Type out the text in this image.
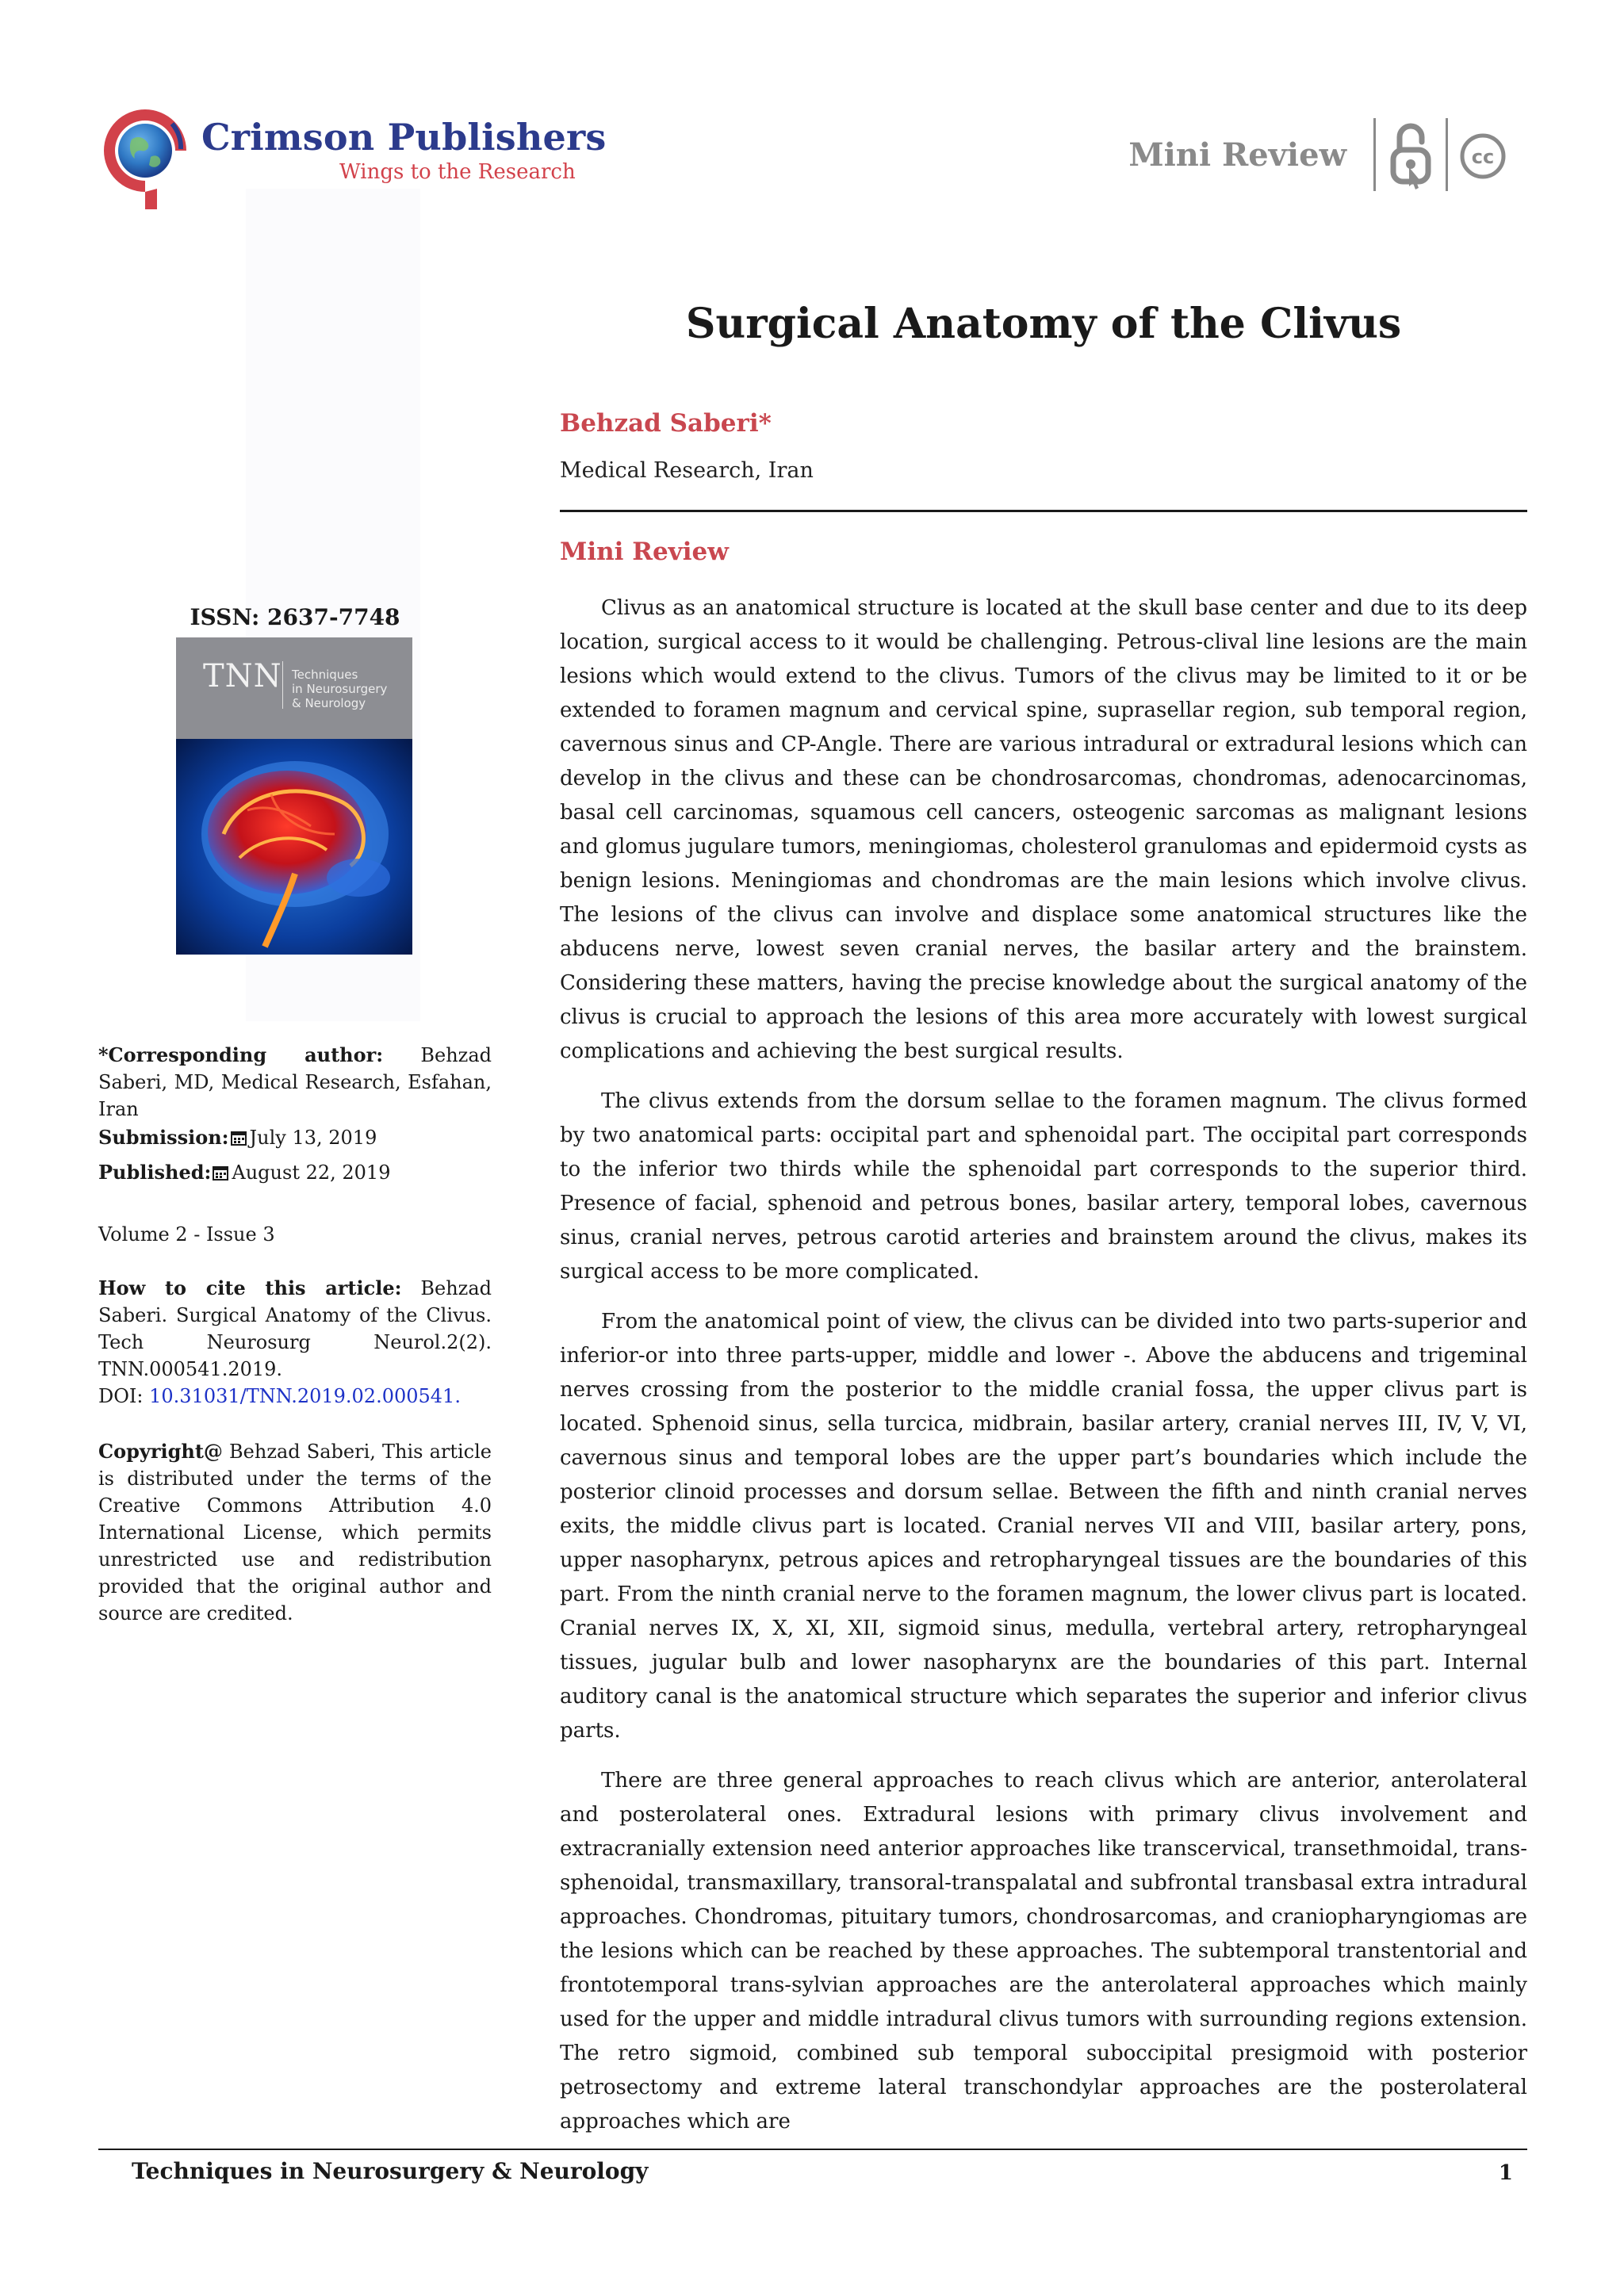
Crimson Publishers
Wings to the Research	Mini Review	cc
Surgical Anatomy of the Clivus
Behzad Saberi*
Medical Research, Iran
Mini Review

Clivus as an anatomical structure is located at the skull base center and due to its deep location, surgical access to it would be challenging. Petrous-clival line lesions are the main lesions which would extend to the clivus. Tumors of the clivus may be limited to it or be extended to foramen magnum and cervical spine, suprasellar region, sub temporal region, cavernous sinus and CP-Angle. There are various intradural or extradural lesions which can develop in the clivus and these can be chondrosarcomas, chondromas, adenocarcinomas, basal cell carcinomas, squamous cell cancers, osteogenic sarcomas as malignant lesions and glomus jugulare tumors, meningiomas, cholesterol granulomas and epidermoid cysts as benign lesions. Meningiomas and chondromas are the main lesions which involve clivus. The lesions of the clivus can involve and displace some anatomical structures like the abducens nerve, lowest seven cranial nerves, the basilar artery and the brainstem. Considering these matters, having the precise knowledge about the surgical anatomy of the clivus is crucial to approach the lesions of this area more accurately with lowest surgical complications and achieving the best surgical results.

The clivus extends from the dorsum sellae to the foramen magnum. The clivus formed by two anatomical parts: occipital part and sphenoidal part. The occipital part corresponds to the inferior two thirds while the sphenoidal part corresponds to the superior third. Presence of facial, sphenoid and petrous bones, basilar artery, temporal lobes, cavernous sinus, cranial nerves, petrous carotid arteries and brainstem around the clivus, makes its surgical access to be more complicated.

From the anatomical point of view, the clivus can be divided into two parts-superior and inferior-or into three parts-upper, middle and lower -. Above the abducens and trigeminal nerves crossing from the posterior to the middle cranial fossa, the upper clivus part is located. Sphenoid sinus, sella turcica, midbrain, basilar artery, cranial nerves III, IV, V, VI, cavernous sinus and temporal lobes are the upper part’s boundaries which include the posterior clinoid processes and dorsum sellae. Between the fifth and ninth cranial nerves exits, the middle clivus part is located. Cranial nerves VII and VIII, basilar artery, pons, upper nasopharynx, petrous apices and retropharyngeal tissues are the boundaries of this part. From the ninth cranial nerve to the foramen magnum, the lower clivus part is located. Cranial nerves IX, X, XI, XII, sigmoid sinus, medulla, vertebral artery, retropharyngeal tissues, jugular bulb and lower nasopharynx are the boundaries of this part. Internal auditory canal is the anatomical structure which separates the superior and inferior clivus parts.

There are three general approaches to reach clivus which are anterior, anterolateral and posterolateral ones. Extradural lesions with primary clivus involvement and extracranially extension need anterior approaches like transcervical, transethmoidal, trans-sphenoidal, transmaxillary, transoral-transpalatal and subfrontal transbasal extra intradural approaches. Chondromas, pituitary tumors, chondrosarcomas, and craniopharyngiomas are the lesions which can be reached by these approaches. The subtemporal transtentorial and frontotemporal trans-sylvian approaches are the anterolateral approaches which mainly used for the upper and middle intradural clivus tumors with surrounding regions extension. The retro sigmoid, combined sub temporal suboccipital presigmoid with posterior petrosectomy and extreme lateral transchondylar approaches are the posterolateral approaches which are

ISSN: 2637-7748
TNN Techniques
in Neurosurgery
& Neurology
*Corresponding author: Behzad Saberi, MD, Medical Research, Esfahan, Iran
Submission: July 13, 2019
Published: August 22, 2019
Volume 2 - Issue 3
How to cite this article: Behzad Saberi. Surgical Anatomy of the Clivus. Tech Neurosurg Neurol.2(2). TNN.000541.2019.
DOI: 10.31031/TNN.2019.02.000541.
Copyright@ Behzad Saberi, This article is distributed under the terms of the Creative Commons Attribution 4.0 International License, which permits unrestricted use and redistribution provided that the original author and source are credited.
Techniques in Neurosurgery & Neurology	1
